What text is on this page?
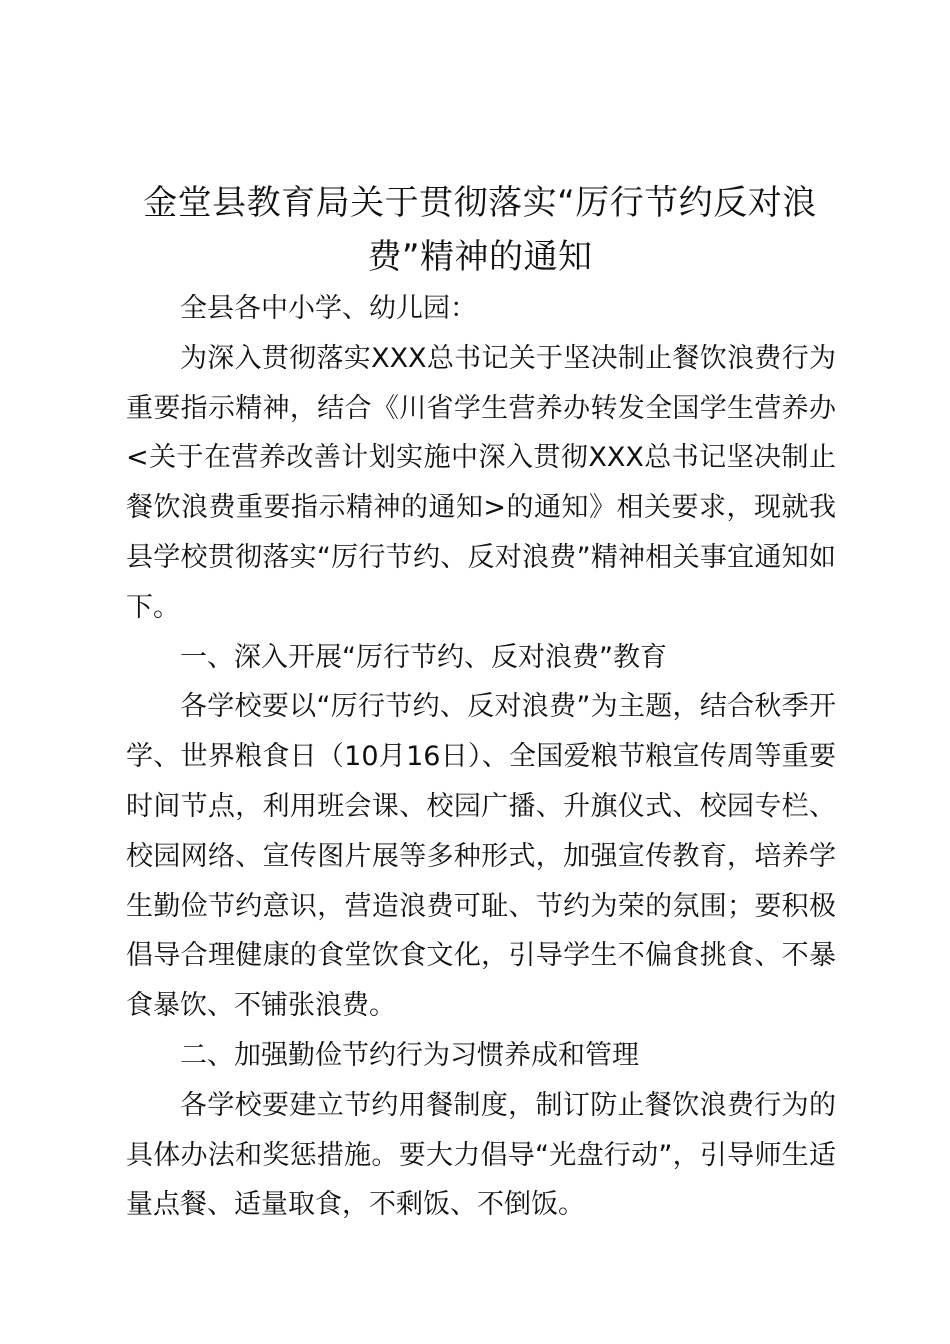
金堂县教育局关于贯彻落实“厉行节约反对浪费”精神的通知

全县各中小学、幼儿园：

为深入贯彻落实XXX总书记关于坚决制止餐饮浪费行为重要指示精神，结合《川省学生营养办转发全国学生营养办<关于在营养改善计划实施中深入贯彻XXX总书记坚决制止餐饮浪费重要指示精神的通知>的通知》相关要求，现就我县学校贯彻落实“厉行节约、反对浪费”精神相关事宜通知如下。

一、深入开展“厉行节约、反对浪费”教育

各学校要以“厉行节约、反对浪费”为主题，结合秋季开学、世界粮食日（10月16日）、全国爱粮节粮宣传周等重要时间节点，利用班会课、校园广播、升旗仪式、校园专栏、校园网络、宣传图片展等多种形式，加强宣传教育，培养学生勤俭节约意识，营造浪费可耻、节约为荣的氛围；要积极倡导合理健康的食堂饮食文化，引导学生不偏食挑食、不暴食暴饮、不铺张浪费。

二、加强勤俭节约行为习惯养成和管理

各学校要建立节约用餐制度，制订防止餐饮浪费行为的具体办法和奖惩措施。要大力倡导“光盘行动”，引导师生适量点餐、适量取食，不剩饭、不倒饭。
